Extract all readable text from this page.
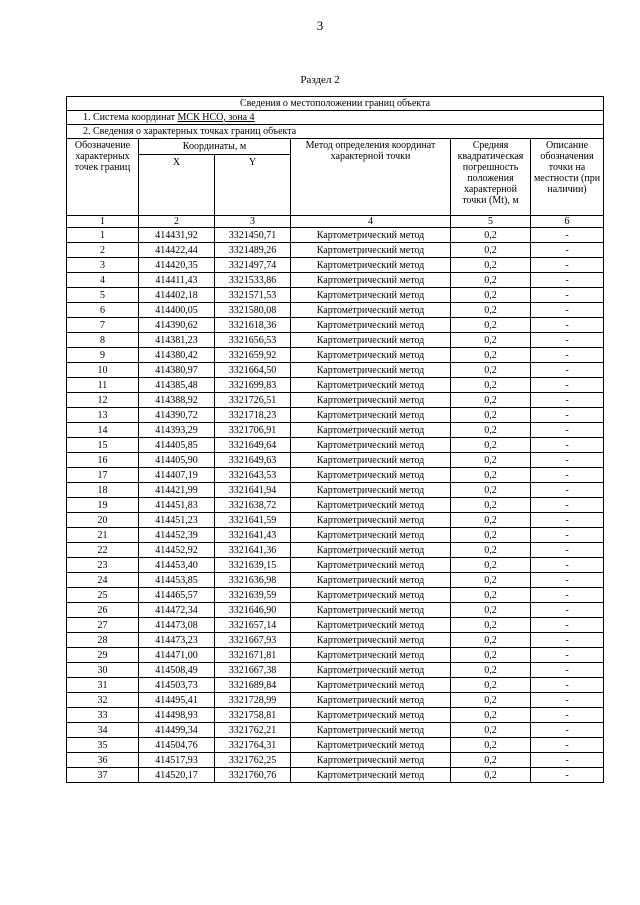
3
Раздел 2
Сведения о местоположении границ объекта					
1. Система координат МСК НСО, зона 4					
2. Сведения о характерных точках границ объекта					
Обозначение характерных точек границ	Координаты, м		Метод определения координат характерной точки	Средняя квадратическая погрешность положения характерной точки (Mt), м	Описание обозначения точки на местности (при наличии)
	X	Y			
1	2	3	4	5	6
1	414431,92	3321450,71	Картометрический метод	0,2	-
2	414422,44	3321489,26	Картометрический метод	0,2	-
3	414420,35	3321497,74	Картометрический метод	0,2	-
4	414411,43	3321533,86	Картометрический метод	0,2	-
5	414402,18	3321571,53	Картометрический метод	0,2	-
6	414400,05	3321580,08	Картометрический метод	0,2	-
7	414390,62	3321618,36	Картометрический метод	0,2	-
8	414381,23	3321656,53	Картометрический метод	0,2	-
9	414380,42	3321659,92	Картометрический метод	0,2	-
10	414380,97	3321664,50	Картометрический метод	0,2	-
11	414385,48	3321699,83	Картометрический метод	0,2	-
12	414388,92	3321726,51	Картометрический метод	0,2	-
13	414390,72	3321718,23	Картометрический метод	0,2	-
14	414393,29	3321706,91	Картометрический метод	0,2	-
15	414405,85	3321649,64	Картометрический метод	0,2	-
16	414405,90	3321649,63	Картометрический метод	0,2	-
17	414407,19	3321643,53	Картометрический метод	0,2	-
18	414421,99	3321641,94	Картометрический метод	0,2	-
19	414451,83	3321638,72	Картометрический метод	0,2	-
20	414451,23	3321641,59	Картометрический метод	0,2	-
21	414452,39	3321641,43	Картометрический метод	0,2	-
22	414452,92	3321641,36	Картометрический метод	0,2	-
23	414453,40	3321639,15	Картометрический метод	0,2	-
24	414453,85	3321636,98	Картометрический метод	0,2	-
25	414465,57	3321639,59	Картометрический метод	0,2	-
26	414472,34	3321646,90	Картометрический метод	0,2	-
27	414473,08	3321657,14	Картометрический метод	0,2	-
28	414473,23	3321667,93	Картометрический метод	0,2	-
29	414471,00	3321671,81	Картометрический метод	0,2	-
30	414508,49	3321667,38	Картометрический метод	0,2	-
31	414503,73	3321689,84	Картометрический метод	0,2	-
32	414495,41	3321728,99	Картометрический метод	0,2	-
33	414498,93	3321758,81	Картометрический метод	0,2	-
34	414499,34	3321762,21	Картометрический метод	0,2	-
35	414504,76	3321764,31	Картометрический метод	0,2	-
36	414517,93	3321762,25	Картометрический метод	0,2	-
37	414520,17	3321760,76	Картометрический метод	0,2	-
